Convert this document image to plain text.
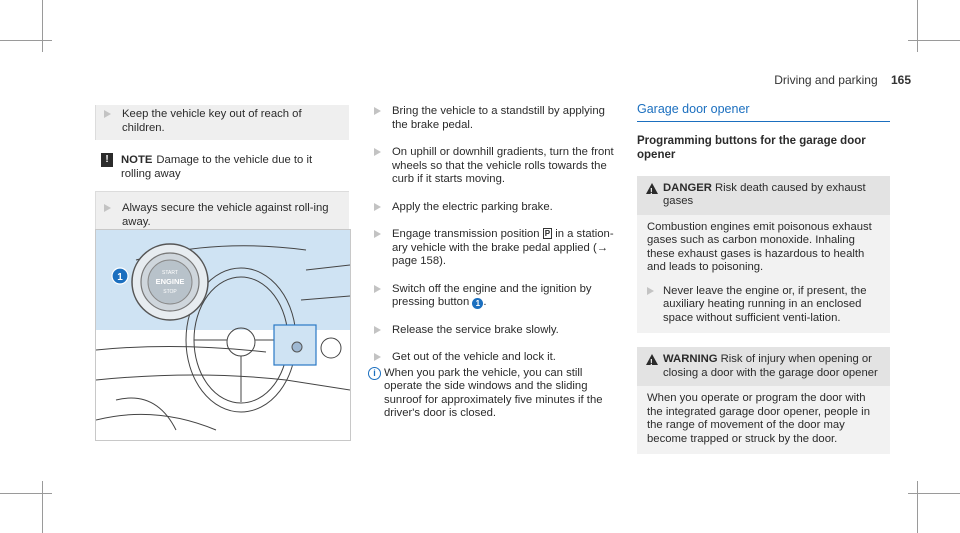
Driving and parking 165

Keep the vehicle key out of reach of children.

!	NOTE Damage to the vehicle due to it rolling away

Always secure the vehicle against roll-ing away.

START
ENGINE
STOP
1

Bring the vehicle to a standstill by applying the brake pedal.

On uphill or downhill gradients, turn the front wheels so that the vehicle rolls towards the curb if it starts moving.

Apply the electric parking brake.

Engage transmission position P in a station-ary vehicle with the brake pedal applied (→ page 158).

Switch off the engine and the ignition by pressing button 1 .

Release the service brake slowly.

Get out of the vehicle and lock it.

i When you park the vehicle, you can still operate the side windows and the sliding sunroof for approximately five minutes if the driver's door is closed.

Garage door opener
Programming buttons for the garage door opener
!
DANGER Risk death caused by exhaust gases
Combustion engines emit poisonous exhaust gases such as carbon monoxide. Inhaling these exhaust gases is hazardous to health and leads to poisoning.

Never leave the engine or, if present, the auxiliary heating running in an enclosed space without sufficient venti-lation.

!
WARNING Risk of injury when opening or closing a door with the garage door opener
When you operate or program the door with the integrated garage door opener, people in the range of movement of the door may become trapped or struck by the door.
